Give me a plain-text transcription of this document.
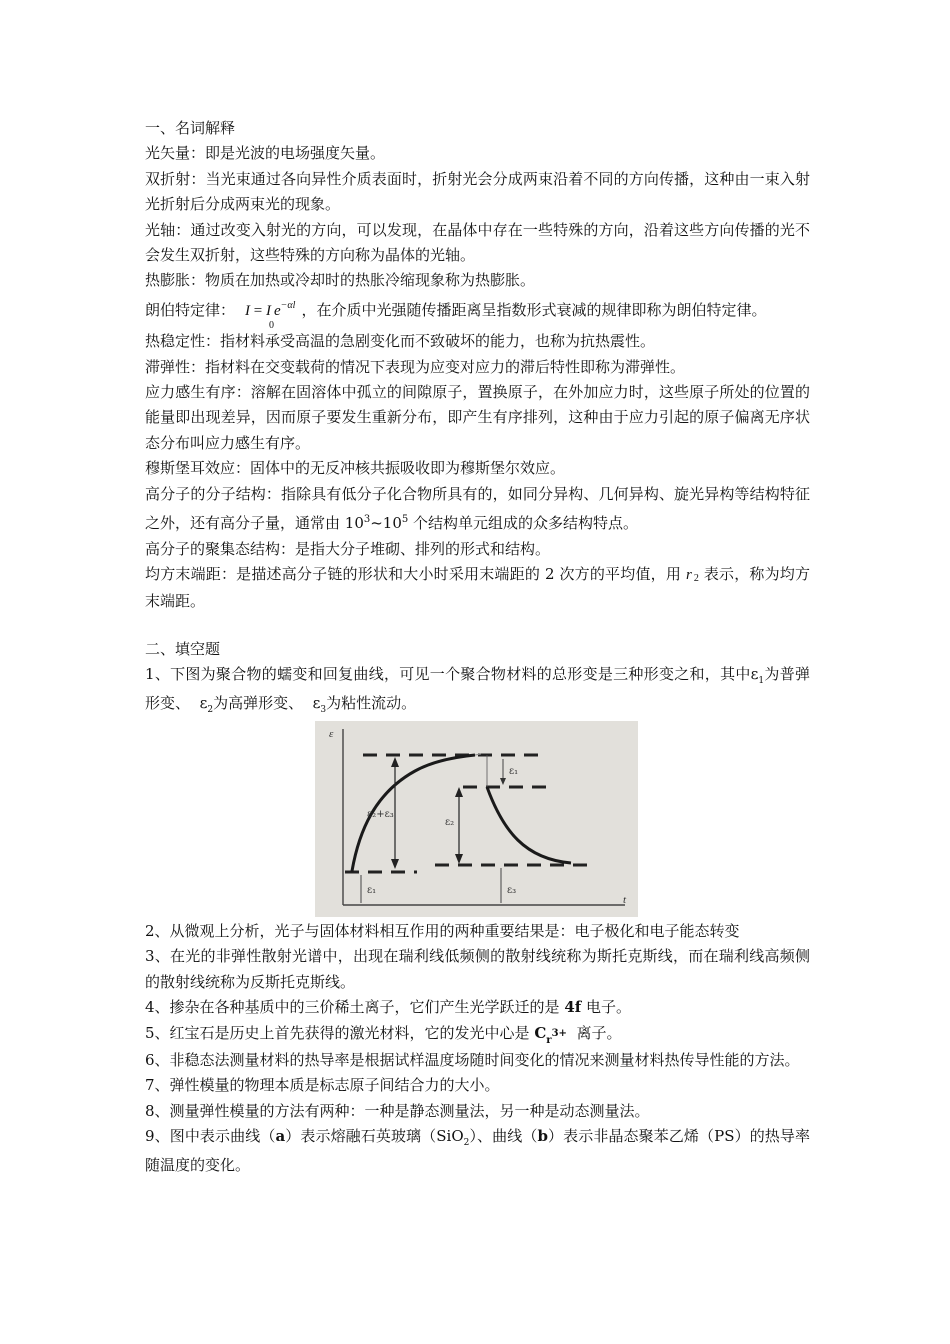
一、名词解释

光矢量：即是光波的电场强度矢量。

双折射：当光束通过各向异性介质表面时，折射光会分成两束沿着不同的方向传播，这种由一束入射光折射后分成两束光的现象。

光轴：通过改变入射光的方向，可以发现，在晶体中存在一些特殊的方向，沿着这些方向传播的光不会发生双折射，这些特殊的方向称为晶体的光轴。

热膨胀：物质在加热或冷却时的热胀冷缩现象称为热膨胀。

朗伯特定律： $I = I_0e^{-\alpha l}$ ，在介质中光强随传播距离呈指数形式衰减的规律即称为朗伯特定律。

热稳定性：指材料承受高温的急剧变化而不致破坏的能力，也称为抗热震性。

滞弹性：指材料在交变载荷的情况下表现为应变对应力的滞后特性即称为滞弹性。

应力感生有序：溶解在固溶体中孤立的间隙原子，置换原子，在外加应力时，这些原子所处的位置的能量即出现差异，因而原子要发生重新分布，即产生有序排列，这种由于应力引起的原子偏离无序状态分布叫应力感生有序。

穆斯堡耳效应：固体中的无反冲核共振吸收即为穆斯堡尔效应。

高分子的分子结构：指除具有低分子化合物所具有的，如同分异构、几何异构、旋光异构等结构特征之外，还有高分子量，通常由 $10^3\sim 10^5$ 个结构单元组成的众多结构特点。

高分子的聚集态结构：是指大分子堆砌、排列的形式和结构。

均方末端距：是描述高分子链的形状和大小时采用末端距的 2 次方的平均值，用 r 2 表示，称为均方末端距。

二、填空题

1、下图为聚合物的蠕变和回复曲线，可见一个聚合物材料的总形变是三种形变之和，其中$\varepsilon_1$为普弹形变、 $\varepsilon_2$为高弹形变、 $\varepsilon_3$为粘性流动。

ε
t
ε₁
ε₂+ε₃
ε₂
ε₁	ε₃

2、从微观上分析，光子与固体材料相互作用的两种重要结果是：电子极化和电子能态转变

3、在光的非弹性散射光谱中，出现在瑞利线低频侧的散射线统称为斯托克斯线，而在瑞利线高频侧的散射线统称为反斯托克斯线。

4、掺杂在各种基质中的三价稀土离子，它们产生光学跃迁的是 4f 电子。

5、红宝石是历史上首先获得的激光材料，它的发光中心是 $C_r3+$ 离子。

6、非稳态法测量材料的热导率是根据试样温度场随时间变化的情况来测量材料热传导性能的方法。

7、弹性模量的物理本质是标志原子间结合力的大小。

8、测量弹性模量的方法有两种：一种是静态测量法，另一种是动态测量法。

9、图中表示曲线（a）表示熔融石英玻璃（SiO$_2$）、曲线（b）表示非晶态聚苯乙烯（PS）的热导率随温度的变化。
